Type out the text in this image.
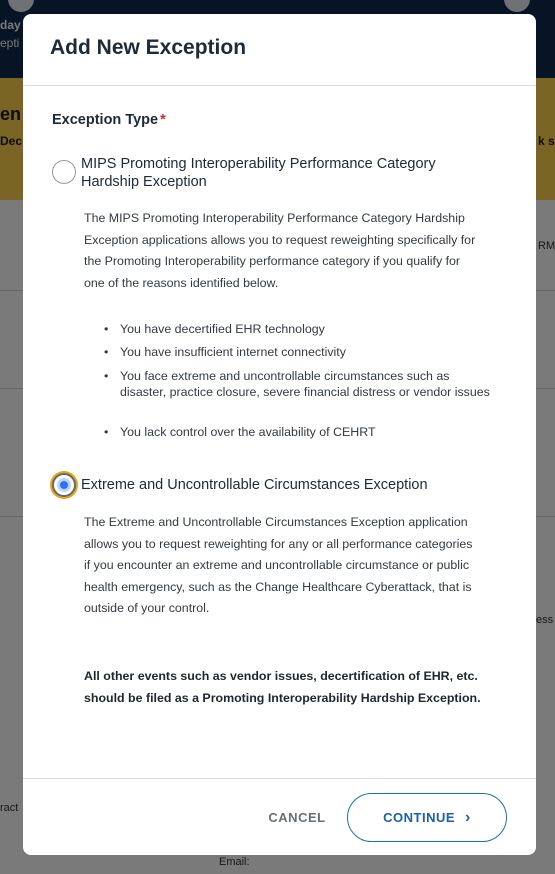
Add New Exception
Exception Type *
MIPS Promoting Interoperability Performance Category Hardship Exception

The MIPS Promoting Interoperability Performance Category Hardship Exception applications allows you to request reweighting specifically for the Promoting Interoperability performance category if you qualify for one of the reasons identified below.

• You have decertified EHR technology
• You have insufficient internet connectivity
• You face extreme and uncontrollable circumstances such as disaster, practice closure, severe financial distress or vendor issues
• You lack control over the availability of CEHRT
Extreme and Uncontrollable Circumstances Exception

The Extreme and Uncontrollable Circumstances Exception application allows you to request reweighting for any or all performance categories if you encounter an extreme and uncontrollable circumstance or public health emergency, such as the Change Healthcare Cyberattack, that is outside of your control.

All other events such as vendor issues, decertification of EHR, etc. should be filed as a Promoting Interoperability Hardship Exception.

CANCEL	CONTINUE ›
